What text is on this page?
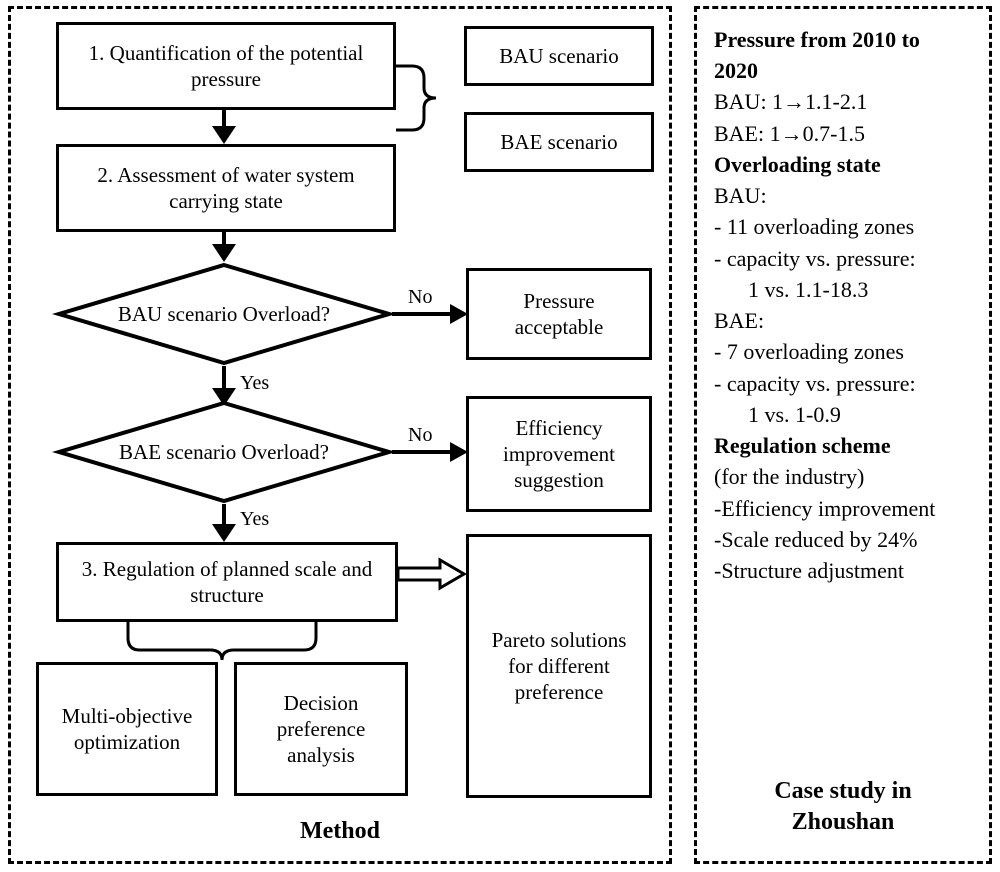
1. Quantification of the potential pressure
BAU scenario
BAE scenario
2. Assessment of water system carrying state
BAU scenario Overload?
Pressure acceptable
BAE scenario Overload?
Efficiency improvement suggestion
3. Regulation of planned scale and structure
Pareto solutions for different preference
Multi-objective optimization
Decision preference analysis
No
Yes
No
Yes
Method
Pressure from 2010 to
2020
BAU: 1→1.1-2.1
BAE: 1→0.7-1.5
Overloading state
BAU:
- 11 overloading zones
- capacity vs. pressure:
1 vs. 1.1-18.3
BAE:
- 7 overloading zones
- capacity vs. pressure:
1 vs. 1-0.9
Regulation scheme
(for the industry)
-Efficiency improvement
-Scale reduced by 24%
-Structure adjustment
Case study in
Zhoushan
